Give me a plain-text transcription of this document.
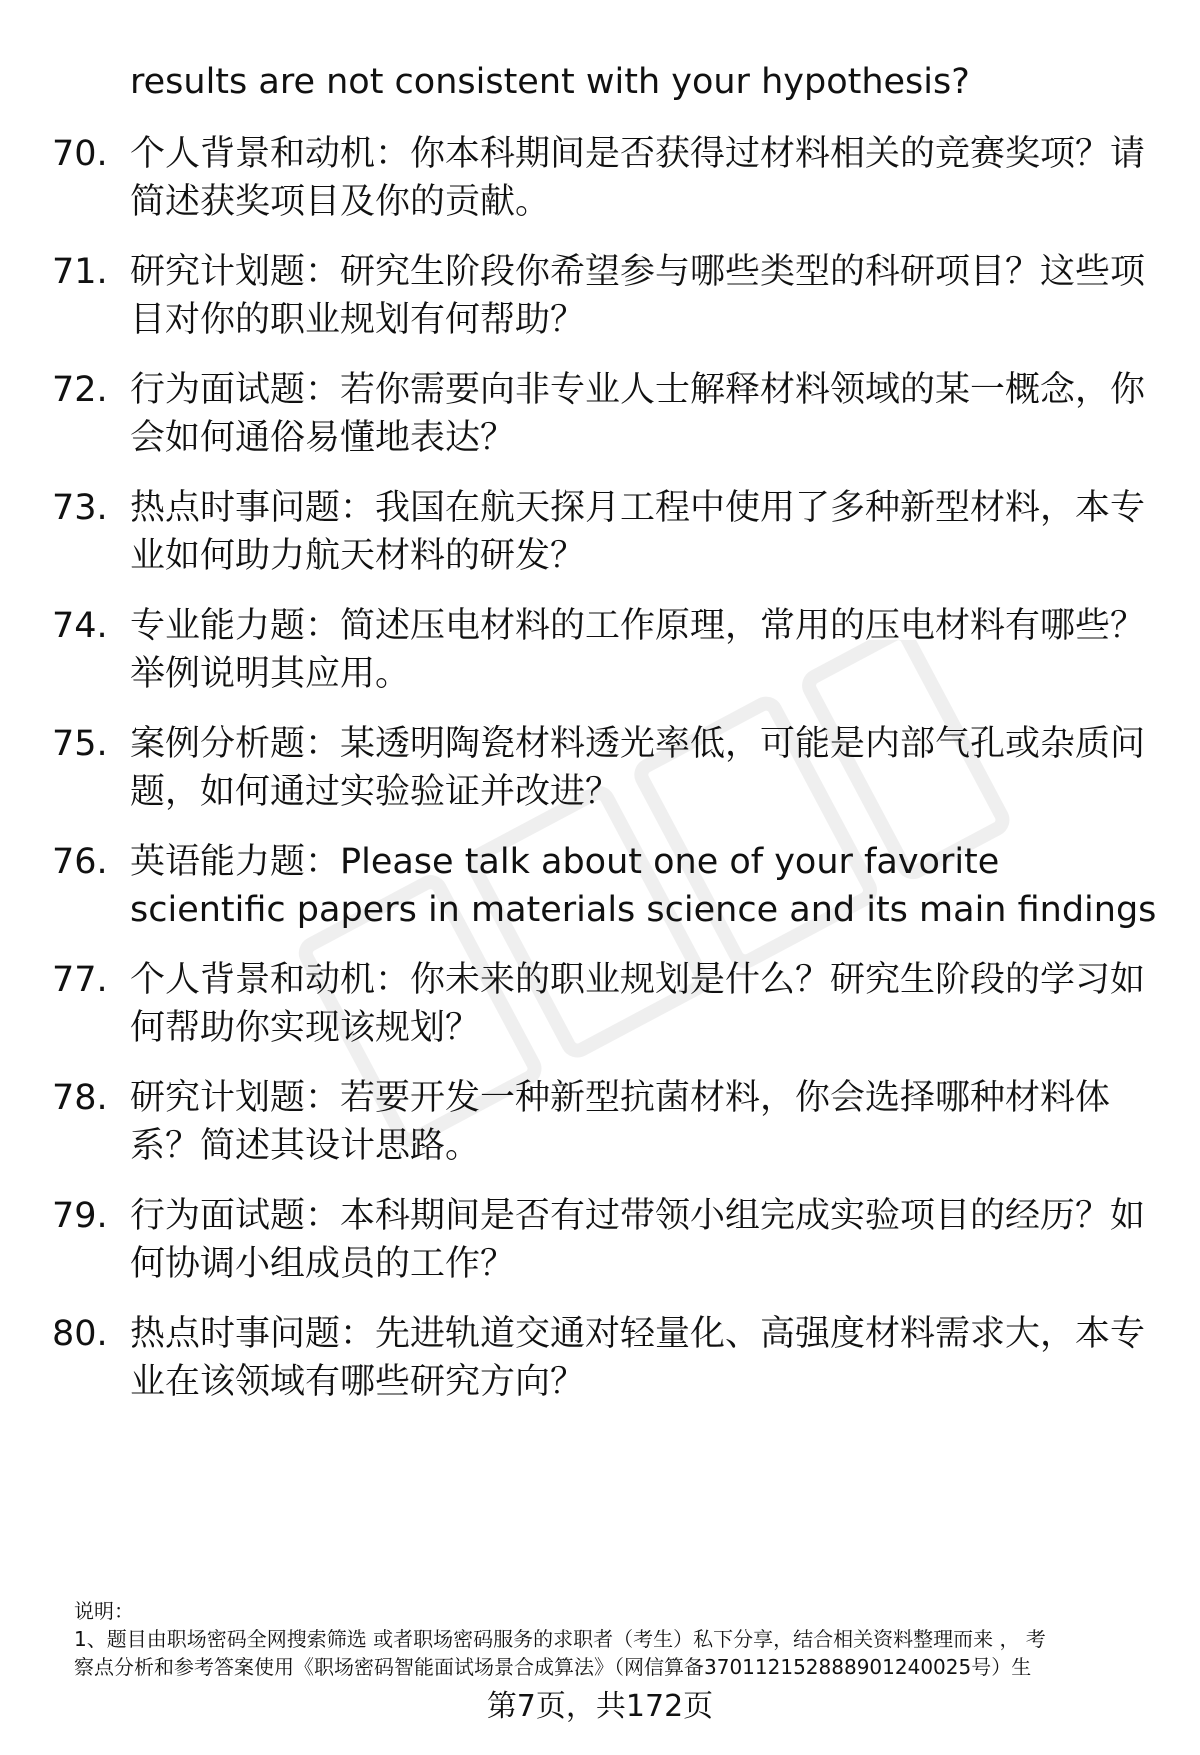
results are not consistent with your hypothesis?
70. 个人背景和动机：你本科期间是否获得过材料相关的竞赛奖项？请简述获奖项目及你的贡献。
71. 研究计划题：研究生阶段你希望参与哪些类型的科研项目？这些项目对你的职业规划有何帮助？
72. 行为面试题：若你需要向非专业人士解释材料领域的某一概念，你会如何通俗易懂地表达？
73. 热点时事问题：我国在航天探月工程中使用了多种新型材料，本专业如何助力航天材料的研发？
74. 专业能力题：简述压电材料的工作原理，常用的压电材料有哪些？举例说明其应用。
75. 案例分析题：某透明陶瓷材料透光率低，可能是内部气孔或杂质问题，如何通过实验验证并改进？
76. 英语能力题：Please talk about one of your favorite scientific papers in materials science and its main findings
77. 个人背景和动机：你未来的职业规划是什么？研究生阶段的学习如何帮助你实现该规划？
78. 研究计划题：若要开发一种新型抗菌材料，你会选择哪种材料体系？简述其设计思路。
79. 行为面试题：本科期间是否有过带领小组完成实验项目的经历？如何协调小组成员的工作？
80. 热点时事问题：先进轨道交通对轻量化、高强度材料需求大，本专业在该领域有哪些研究方向？
说明：
1、题目由职场密码全网搜索筛选 或者职场密码服务的求职者（考生）私下分享，结合相关资料整理而来 ， 考
察点分析和参考答案使用《职场密码智能面试场景合成算法》（网信算备370112152888901240025号）生
第7页，共172页
